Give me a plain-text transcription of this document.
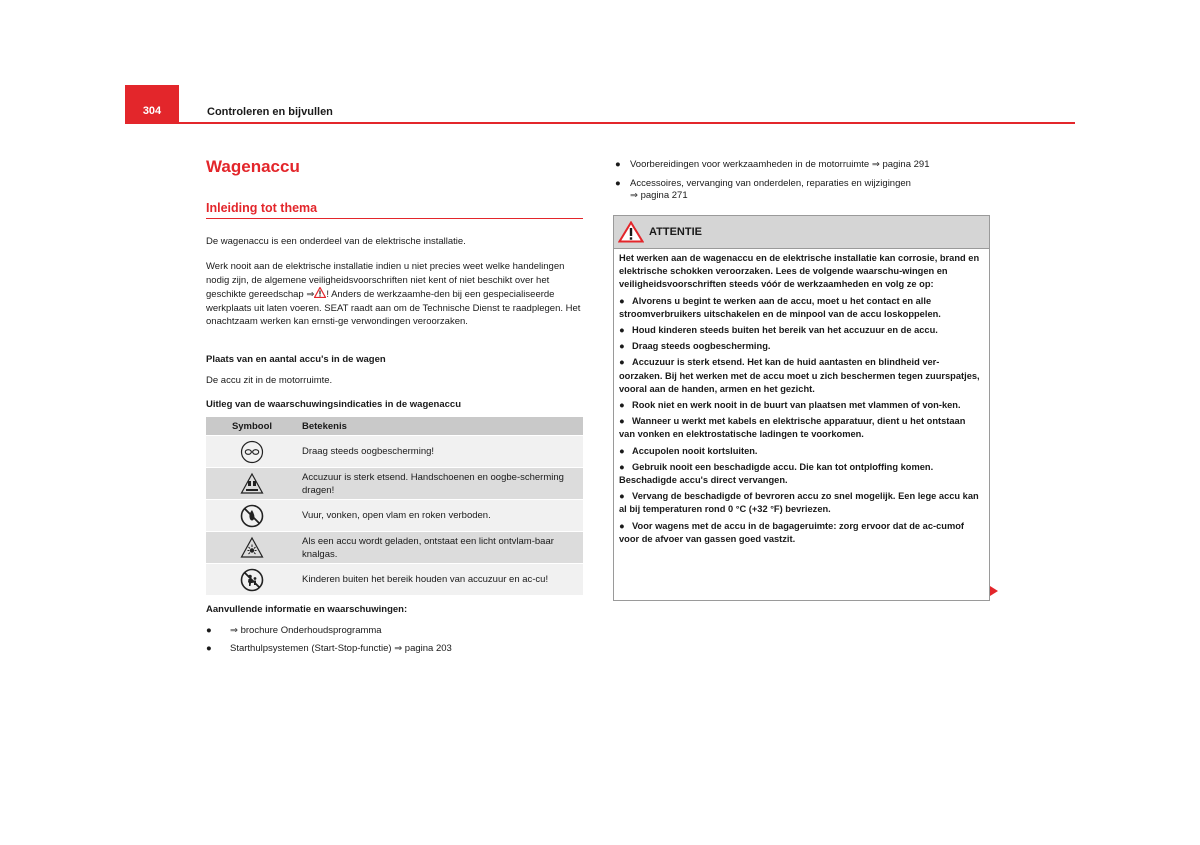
304	Controleren en bijvullen
Wagenaccu
Inleiding tot thema
De wagenaccu is een onderdeel van de elektrische installatie.
Werk nooit aan de elektrische installatie indien u niet precies weet welke handelingen nodig zijn, de algemene veiligheidsvoorschriften niet kent of niet beschikt over het geschikte gereedschap ⇒ ! Anders de werkzaamhe-den bij een gespecialiseerde werkplaats uit laten voeren. SEAT raadt aan om de Technische Dienst te raadplegen. Het onachtzaam werken kan ernsti-ge verwondingen veroorzaken.
Plaats van en aantal accu's in de wagen
De accu zit in de motorruimte.
Uitleg van de waarschuwingsindicaties in de wagenaccu
Symbool	Betekenis
	Draag steeds oogbescherming!
	Accuzuur is sterk etsend. Handschoenen en oogbe-scherming dragen!
	Vuur, vonken, open vlam en roken verboden.
	Als een accu wordt geladen, ontstaat een licht ontvlam-baar knalgas.
	Kinderen buiten het bereik houden van accuzuur en ac-cu!
Aanvullende informatie en waarschuwingen:
● ⇒ brochure Onderhoudsprogramma
● Starthulpsystemen (Start-Stop-functie) ⇒ pagina 203
● Voorbereidingen voor werkzaamheden in de motorruimte ⇒ pagina 291
● Accessoires, vervanging van onderdelen, reparaties en wijzigingen
⇒ pagina 271
ATTENTIE

Het werken aan de wagenaccu en de elektrische installatie kan corrosie, brand en elektrische schokken veroorzaken. Lees de volgende waarschu-wingen en veiligheidsvoorschriften steeds vóór de werkzaamheden en volg ze op:

● Alvorens u begint te werken aan de accu, moet u het contact en alle stroomverbruikers uitschakelen en de minpool van de accu loskoppelen.

● Houd kinderen steeds buiten het bereik van het accuzuur en de accu.

● Draag steeds oogbescherming.

● Accuzuur is sterk etsend. Het kan de huid aantasten en blindheid ver-oorzaken. Bij het werken met de accu moet u zich beschermen tegen zuurspatjes, vooral aan de handen, armen en het gezicht.

● Rook niet en werk nooit in de buurt van plaatsen met vlammen of von-ken.

● Wanneer u werkt met kabels en elektrische apparatuur, dient u het ontstaan van vonken en elektrostatische ladingen te voorkomen.

● Accupolen nooit kortsluiten.

● Gebruik nooit een beschadigde accu. Die kan tot ontploffing komen. Beschadigde accu's direct vervangen.

● Vervang de beschadigde of bevroren accu zo snel mogelijk. Een lege accu kan al bij temperaturen rond 0 °C (+32 °F) bevriezen.

● Voor wagens met de accu in de bagageruimte: zorg ervoor dat de ac-cumof voor de afvoer van gassen goed vastzit.
